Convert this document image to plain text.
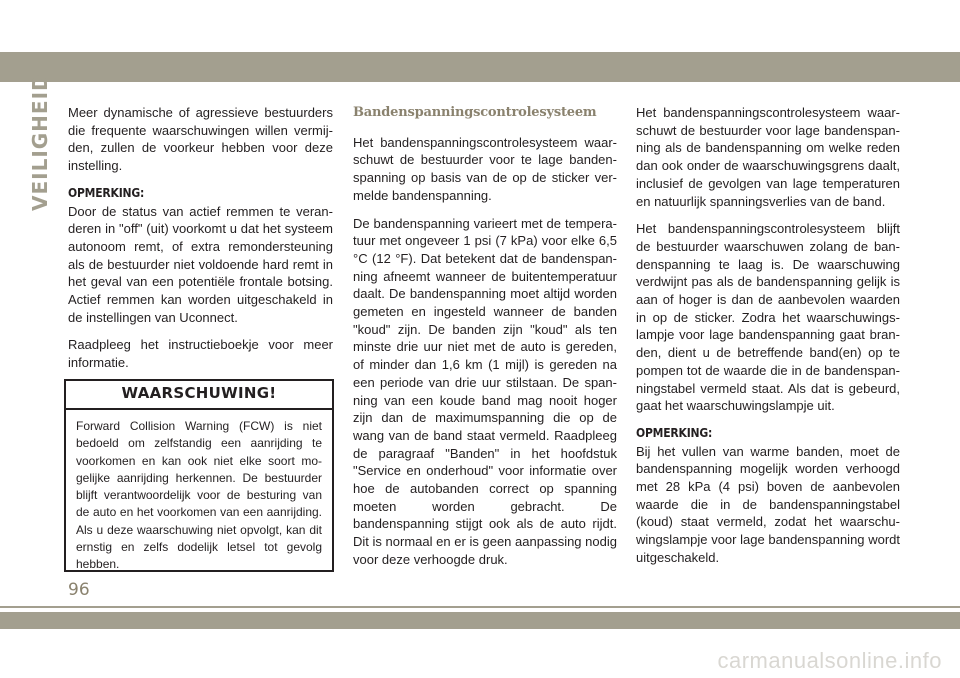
VEILIGHEID Meer dynamische of agressieve bestuurders die frequente waarschuwingen willen vermijden, zullen de voorkeur hebben voor deze instelling.

OPMERKING:

Door de status van actief remmen te veranderen in "off" (uit) voorkomt u dat het systeem autonoom remt, of extra remondersteuning als de bestuurder niet voldoende hard remt in het geval van een potentiële frontale botsing. Actief remmen kan worden uitgeschakeld in de instellingen van Uconnect.

Raadpleeg het instructieboekje voor meer informatie.

WAARSCHUWING!
Forward Collision Warning (FCW) is niet bedoeld om zelfstandig een aanrijding te voorkomen en kan ook niet elke soort mogelijke aanrijding herkennen. De bestuurder blijft verantwoordelijk voor de besturing van de auto en het voorkomen van een aanrijding. Als u deze waarschuwing niet opvolgt, kan dit ernstig en zelfs dodelijk letsel tot gevolg hebben.
Bandenspanningscontrolesysteem

Het bandenspanningscontrolesysteem waarschuwt de bestuurder voor te lage bandenspanning op basis van de op de sticker vermelde bandenspanning.

De bandenspanning varieert met de temperatuur met ongeveer 1 psi (7 kPa) voor elke 6,5 °C (12 °F). Dat betekent dat de bandenspanning afneemt wanneer de buitentemperatuur daalt. De bandenspanning moet altijd worden gemeten en ingesteld wanneer de banden "koud" zijn. De banden zijn "koud" als ten minste drie uur niet met de auto is gereden, of minder dan 1,6 km (1 mijl) is gereden na een periode van drie uur stilstaan. De spanning van een koude band mag nooit hoger zijn dan de maximumspanning die op de wang van de band staat vermeld. Raadpleeg de paragraaf "Banden" in het hoofdstuk "Service en onderhoud" voor informatie over hoe de autobanden correct op spanning moeten worden gebracht. De bandenspanning stijgt ook als de auto rijdt. Dit is normaal en er is geen aanpassing nodig voor deze verhoogde druk.

Het bandenspanningscontrolesysteem waarschuwt de bestuurder voor lage bandenspanning als de bandenspanning om welke reden dan ook onder de waarschuwingsgrens daalt, inclusief de gevolgen van lage temperaturen en natuurlijk spanningsverlies van de band.

Het bandenspanningscontrolesysteem blijft de bestuurder waarschuwen zolang de bandenspanning te laag is. De waarschuwing verdwijnt pas als de bandenspanning gelijk is aan of hoger is dan de aanbevolen waarden in op de sticker. Zodra het waarschuwingslampje voor lage bandenspanning gaat branden, dient u de betreffende band(en) op te pompen tot de waarde die in de bandenspanningstabel vermeld staat. Als dat is gebeurd, gaat het waarschuwingslampje uit.

OPMERKING:

Bij het vullen van warme banden, moet de bandenspanning mogelijk worden verhoogd met 28 kPa (4 psi) boven de aanbevolen waarde die in de bandenspanningstabel (koud) staat vermeld, zodat het waarschuwingslampje voor lage bandenspanning wordt uitgeschakeld.

96
carmanualsonline.info
